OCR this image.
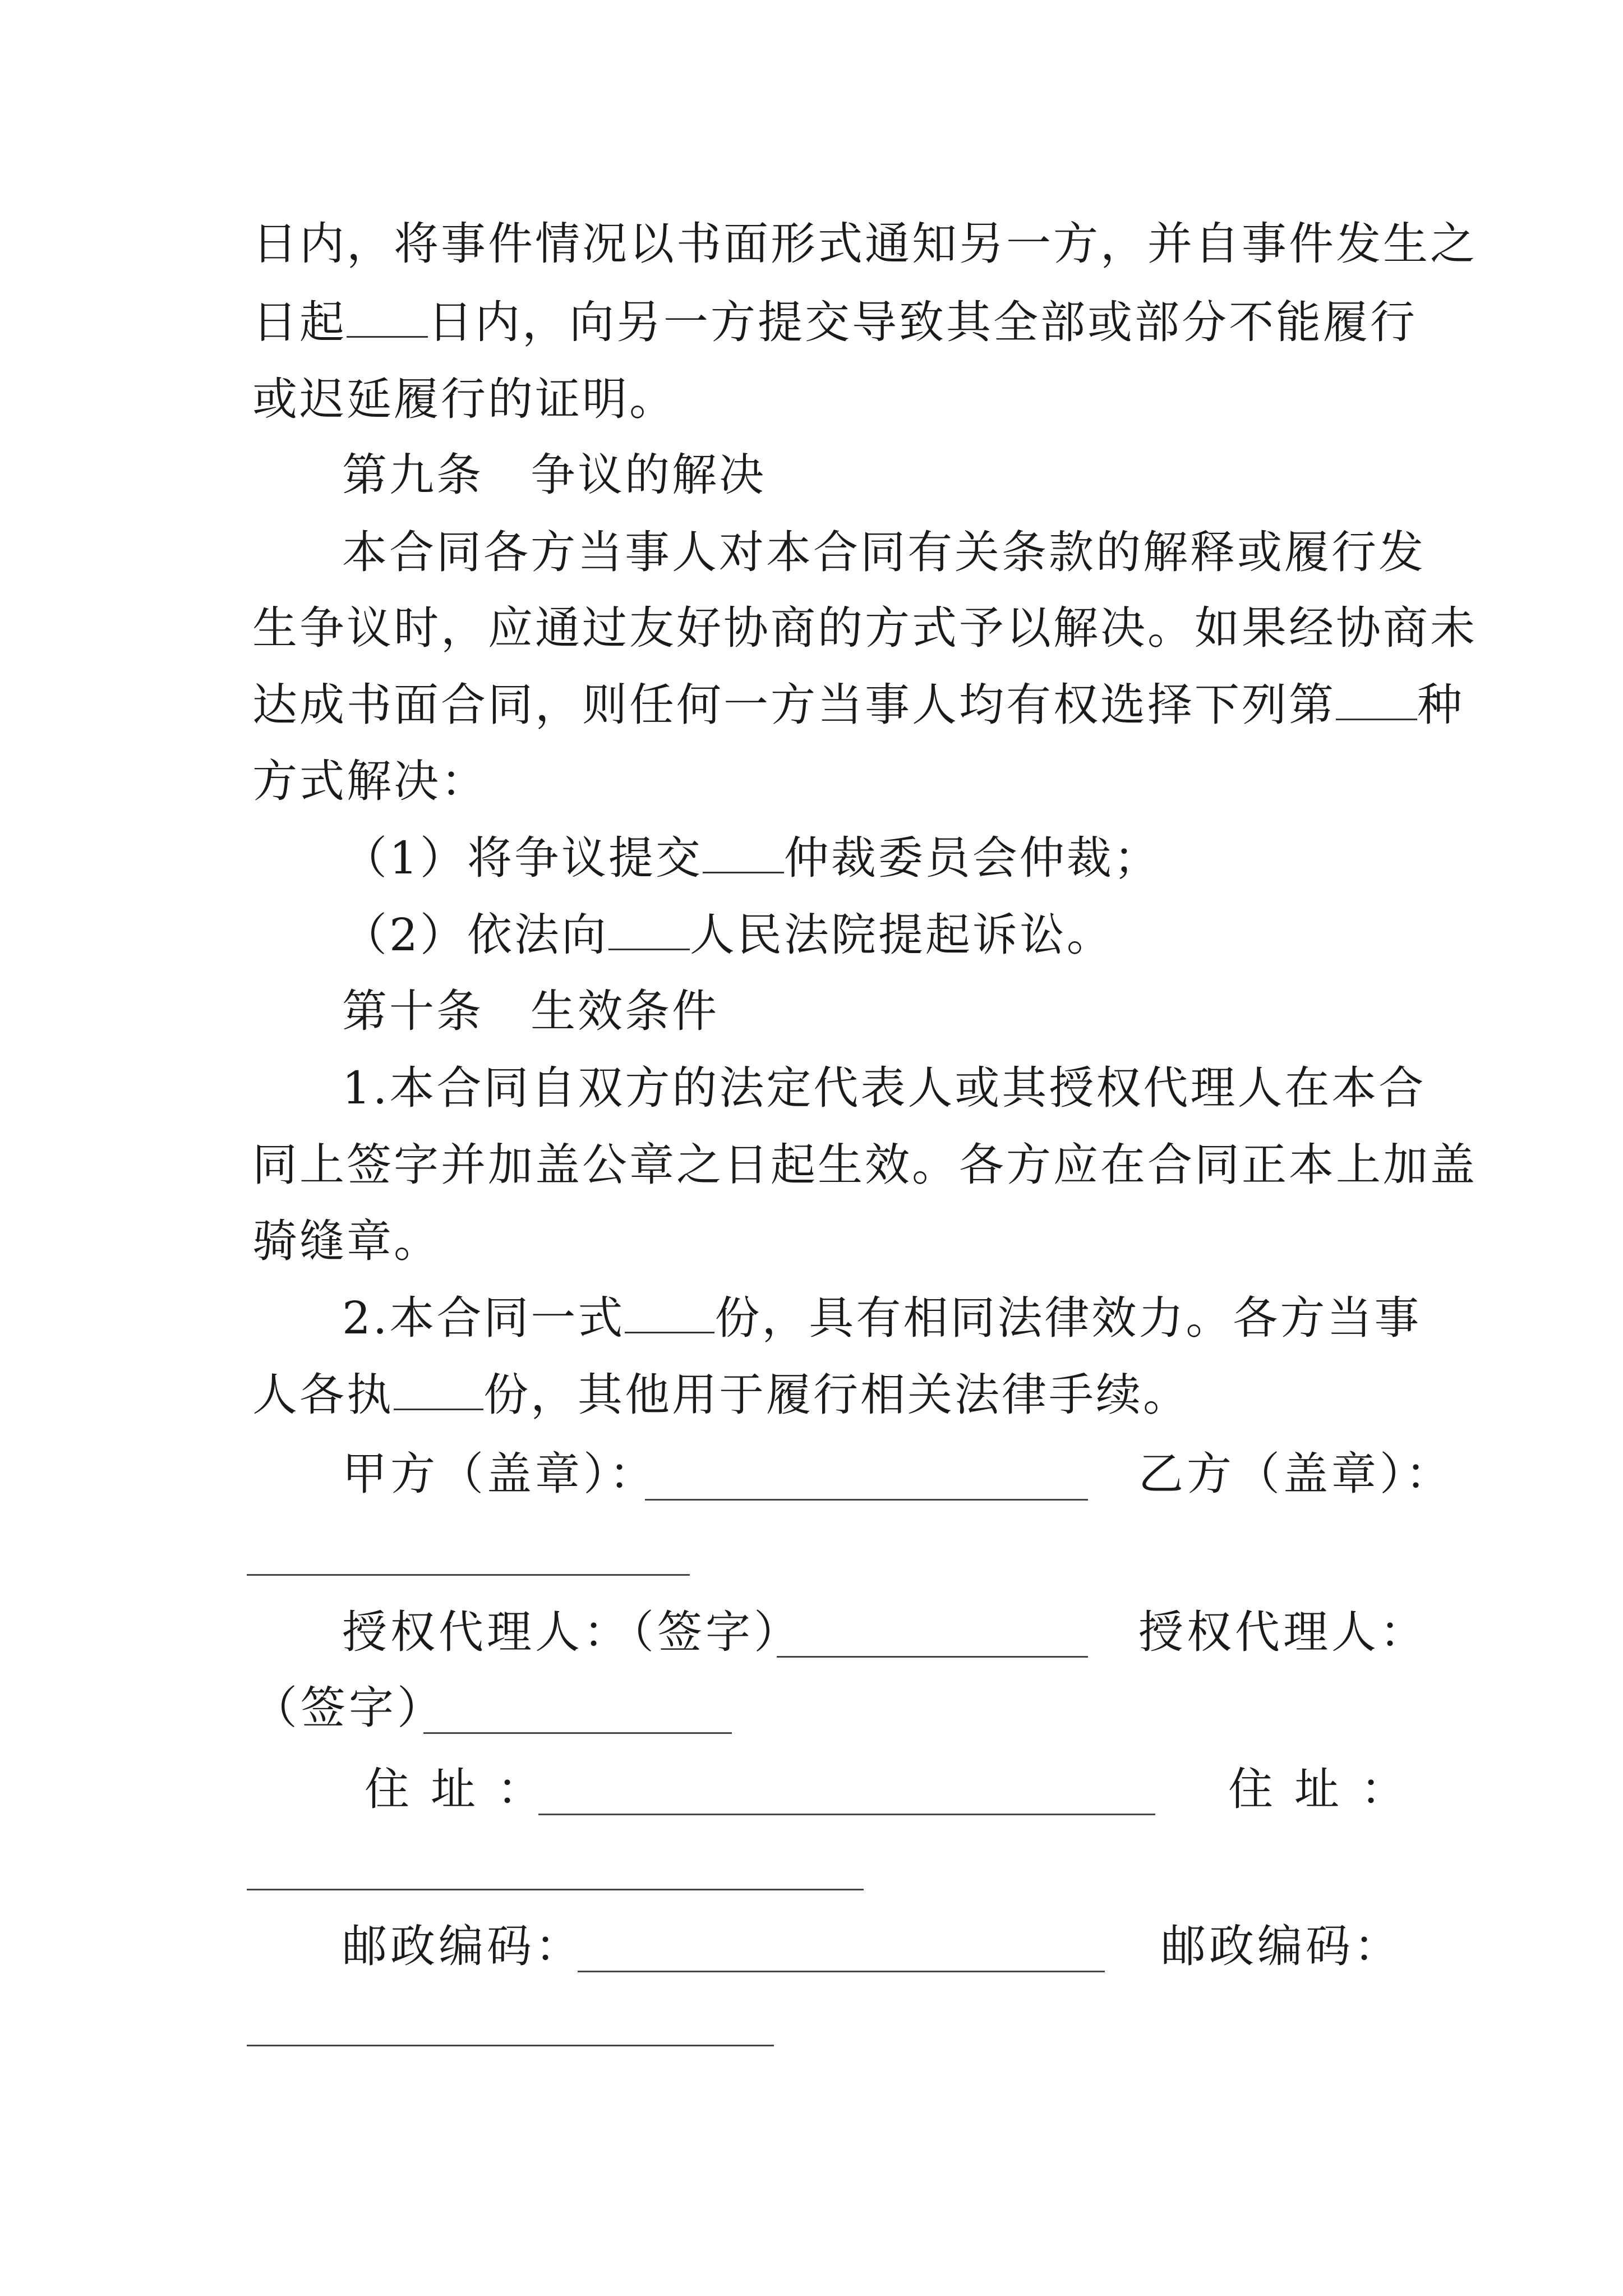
日内，将事件情况以书面形式通知另一方，并自事件发生之
日起 日内，向另一方提交导致其全部或部分不能履行
或迟延履行的证明。
第九条　争议的解决
本合同各方当事人对本合同有关条款的解释或履行发
生争议时，应通过友好协商的方式予以解决。如果经协商未
达成书面合同，则任何一方当事人均有权选择下列第 种
方式解决：
（1）将争议提交 仲裁委员会仲裁；
（2）依法向 人民法院提起诉讼。
第十条　生效条件
1.本合同自双方的法定代表人或其授权代理人在本合
同上签字并加盖公章之日起生效。各方应在合同正本上加盖
骑缝章。
2.本合同一式 份，具有相同法律效力。各方当事
人各执 份，其他用于履行相关法律手续。
甲方（盖章）：	乙方（盖章）：
授权代理人：（签字）	授权代理人：
（签字）
住址：	住址：
邮政编码：	邮政编码：
